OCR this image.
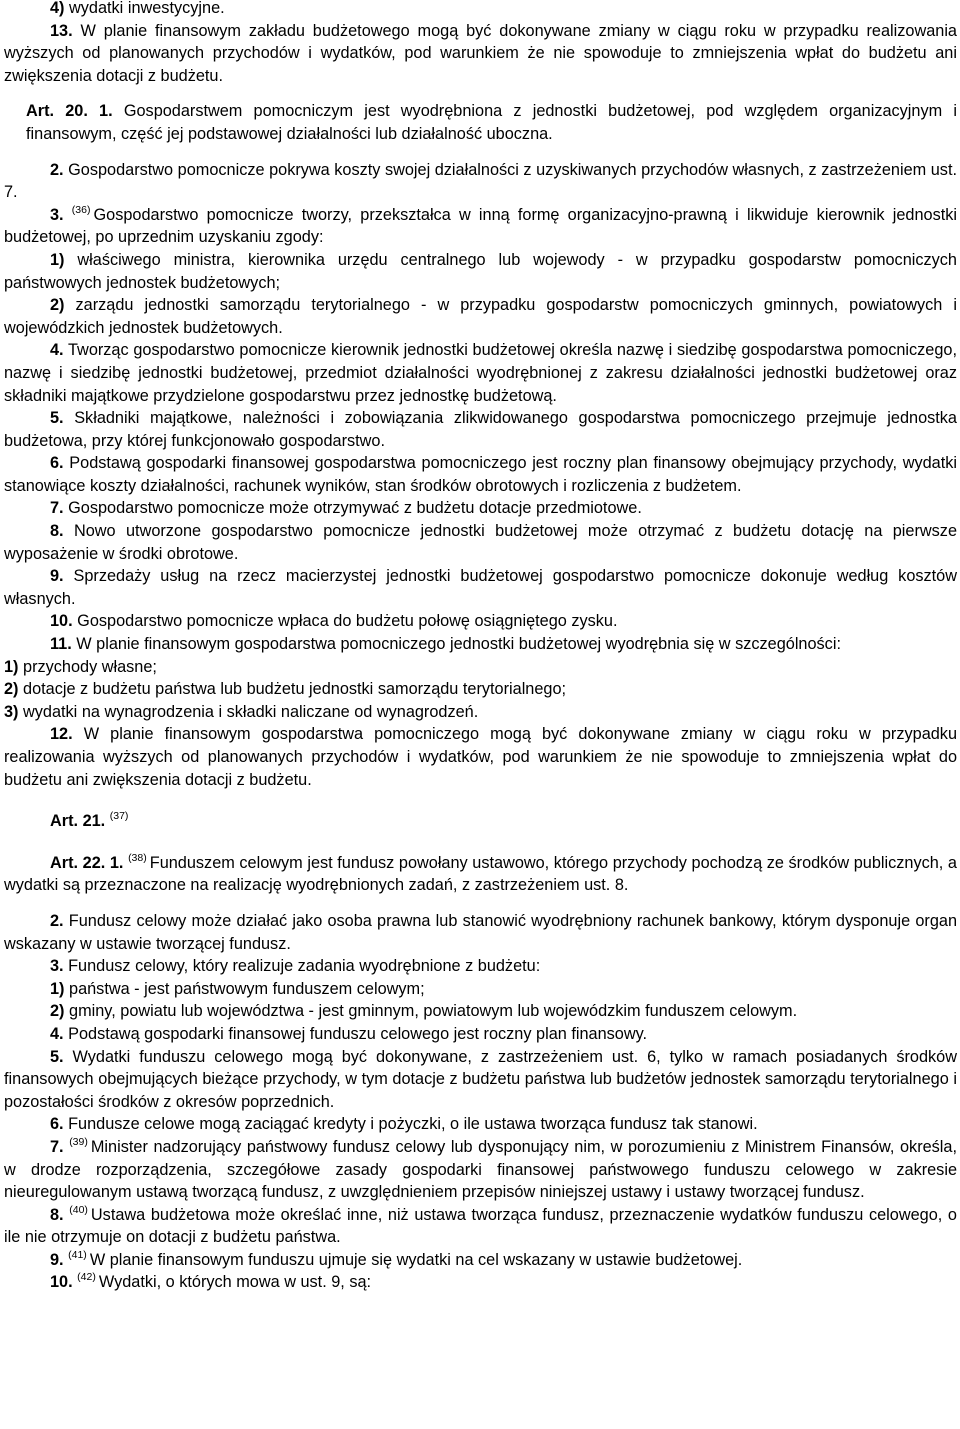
4) wydatki inwestycyjne.

13. W planie finansowym zakładu budżetowego mogą być dokonywane zmiany w ciągu roku w przypadku realizowania wyższych od planowanych przychodów i wydatków, pod warunkiem że nie spowoduje to zmniejszenia wpłat do budżetu ani zwiększenia dotacji z budżetu.

Art. 20. 1. Gospodarstwem pomocniczym jest wyodrębniona z jednostki budżetowej, pod względem organizacyjnym i finansowym, część jej podstawowej działalności lub działalność uboczna.

2. Gospodarstwo pomocnicze pokrywa koszty swojej działalności z uzyskiwanych przychodów własnych, z zastrzeżeniem ust. 7.

3. $^{(36)}$ Gospodarstwo pomocnicze tworzy, przekształca w inną formę organizacyjno-prawną i likwiduje kierownik jednostki budżetowej, po uprzednim uzyskaniu zgody:

1) właściwego ministra, kierownika urzędu centralnego lub wojewody - w przypadku gospodarstw pomocniczych państwowych jednostek budżetowych;

2) zarządu jednostki samorządu terytorialnego - w przypadku gospodarstw pomocniczych gminnych, powiatowych i wojewódzkich jednostek budżetowych.

4. Tworząc gospodarstwo pomocnicze kierownik jednostki budżetowej określa nazwę i siedzibę gospodarstwa pomocniczego, nazwę i siedzibę jednostki budżetowej, przedmiot działalności wyodrębnionej z zakresu działalności jednostki budżetowej oraz składniki majątkowe przydzielone gospodarstwu przez jednostkę budżetową.

5. Składniki majątkowe, należności i zobowiązania zlikwidowanego gospodarstwa pomocniczego przejmuje jednostka budżetowa, przy której funkcjonowało gospodarstwo.

6. Podstawą gospodarki finansowej gospodarstwa pomocniczego jest roczny plan finansowy obejmujący przychody, wydatki stanowiące koszty działalności, rachunek wyników, stan środków obrotowych i rozliczenia z budżetem.

7. Gospodarstwo pomocnicze może otrzymywać z budżetu dotacje przedmiotowe.

8. Nowo utworzone gospodarstwo pomocnicze jednostki budżetowej może otrzymać z budżetu dotację na pierwsze wyposażenie w środki obrotowe.

9. Sprzedaży usług na rzecz macierzystej jednostki budżetowej gospodarstwo pomocnicze dokonuje według kosztów własnych.

10. Gospodarstwo pomocnicze wpłaca do budżetu połowę osiągniętego zysku.

11. W planie finansowym gospodarstwa pomocniczego jednostki budżetowej wyodrębnia się w szczególności:

1) przychody własne;

2) dotacje z budżetu państwa lub budżetu jednostki samorządu terytorialnego;

3) wydatki na wynagrodzenia i składki naliczane od wynagrodzeń.

12. W planie finansowym gospodarstwa pomocniczego mogą być dokonywane zmiany w ciągu roku w przypadku realizowania wyższych od planowanych przychodów i wydatków, pod warunkiem że nie spowoduje to zmniejszenia wpłat do budżetu ani zwiększenia dotacji z budżetu.

Art. 21. $^{(37)}$

Art. 22. 1. $^{(38)}$ Funduszem celowym jest fundusz powołany ustawowo, którego przychody pochodzą ze środków publicznych, a wydatki są przeznaczone na realizację wyodrębnionych zadań, z zastrzeżeniem ust. 8.

2. Fundusz celowy może działać jako osoba prawna lub stanowić wyodrębniony rachunek bankowy, którym dysponuje organ wskazany w ustawie tworzącej fundusz.

3. Fundusz celowy, który realizuje zadania wyodrębnione z budżetu:

1) państwa - jest państwowym funduszem celowym;

2) gminy, powiatu lub województwa - jest gminnym, powiatowym lub wojewódzkim funduszem celowym.

4. Podstawą gospodarki finansowej funduszu celowego jest roczny plan finansowy.

5. Wydatki funduszu celowego mogą być dokonywane, z zastrzeżeniem ust. 6, tylko w ramach posiadanych środków finansowych obejmujących bieżące przychody, w tym dotacje z budżetu państwa lub budżetów jednostek samorządu terytorialnego i pozostałości środków z okresów poprzednich.

6. Fundusze celowe mogą zaciągać kredyty i pożyczki, o ile ustawa tworząca fundusz tak stanowi.

7. $^{(39)}$ Minister nadzorujący państwowy fundusz celowy lub dysponujący nim, w porozumieniu z Ministrem Finansów, określa, w drodze rozporządzenia, szczegółowe zasady gospodarki finansowej państwowego funduszu celowego w zakresie nieuregulowanym ustawą tworzącą fundusz, z uwzględnieniem przepisów niniejszej ustawy i ustawy tworzącej fundusz.

8. $^{(40)}$ Ustawa budżetowa może określać inne, niż ustawa tworząca fundusz, przeznaczenie wydatków funduszu celowego, o ile nie otrzymuje on dotacji z budżetu państwa.

9. $^{(41)}$ W planie finansowym funduszu ujmuje się wydatki na cel wskazany w ustawie budżetowej.

10. $^{(42)}$ Wydatki, o których mowa w ust. 9, są:
